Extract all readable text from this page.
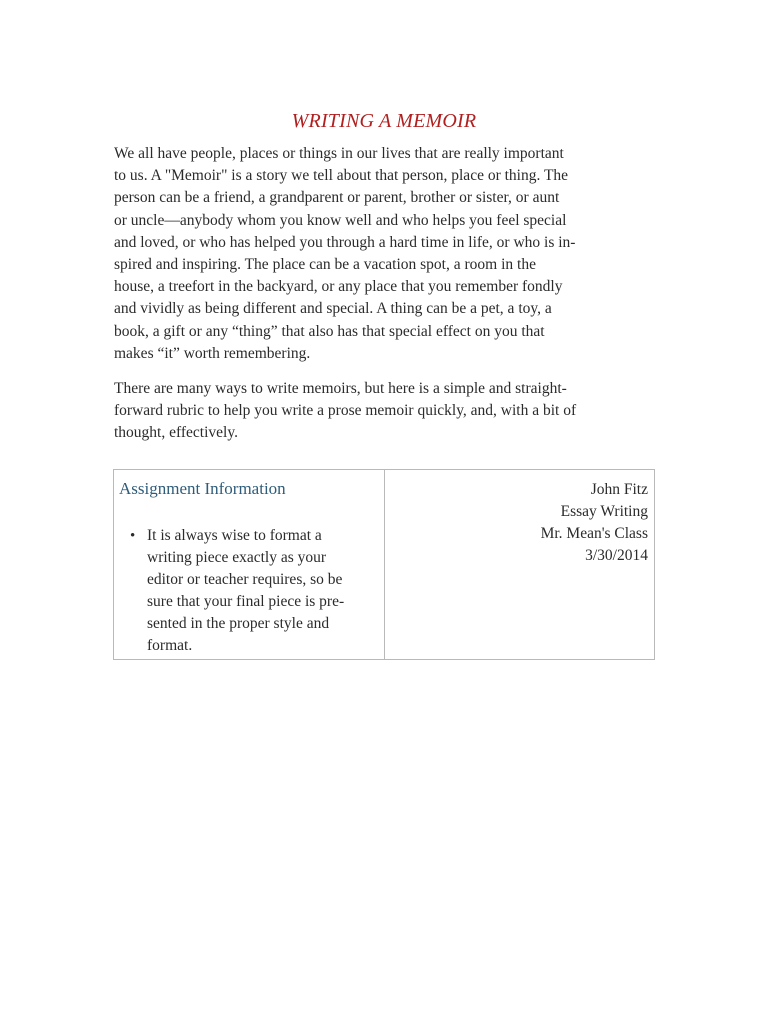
WRITING A MEMOIR

We all have people, places or things in our lives that are really important
to us. A "Memoir" is a story we tell about that person, place or thing. The
person can be a friend, a grandparent or parent, brother or sister, or aunt
or uncle—anybody whom you know well and who helps you feel special
and loved, or who has helped you through a hard time in life, or who is in-
spired and inspiring. The place can be a vacation spot, a room in the
house, a treefort in the backyard, or any place that you remember fondly
and vividly as being different and special. A thing can be a pet, a toy, a
book, a gift or any “thing” that also has that special effect on you that
makes “it” worth remembering.

There are many ways to write memoirs, but here is a simple and straight-
forward rubric to help you write a prose memoir quickly, and, with a bit of
thought, effectively.

Assignment Information
• It is always wise to format a
writing piece exactly as your
editor or teacher requires, so be
sure that your final piece is pre-
sented in the proper style and
format.
John Fitz
Essay Writing
Mr. Mean's Class
3/30/2014
